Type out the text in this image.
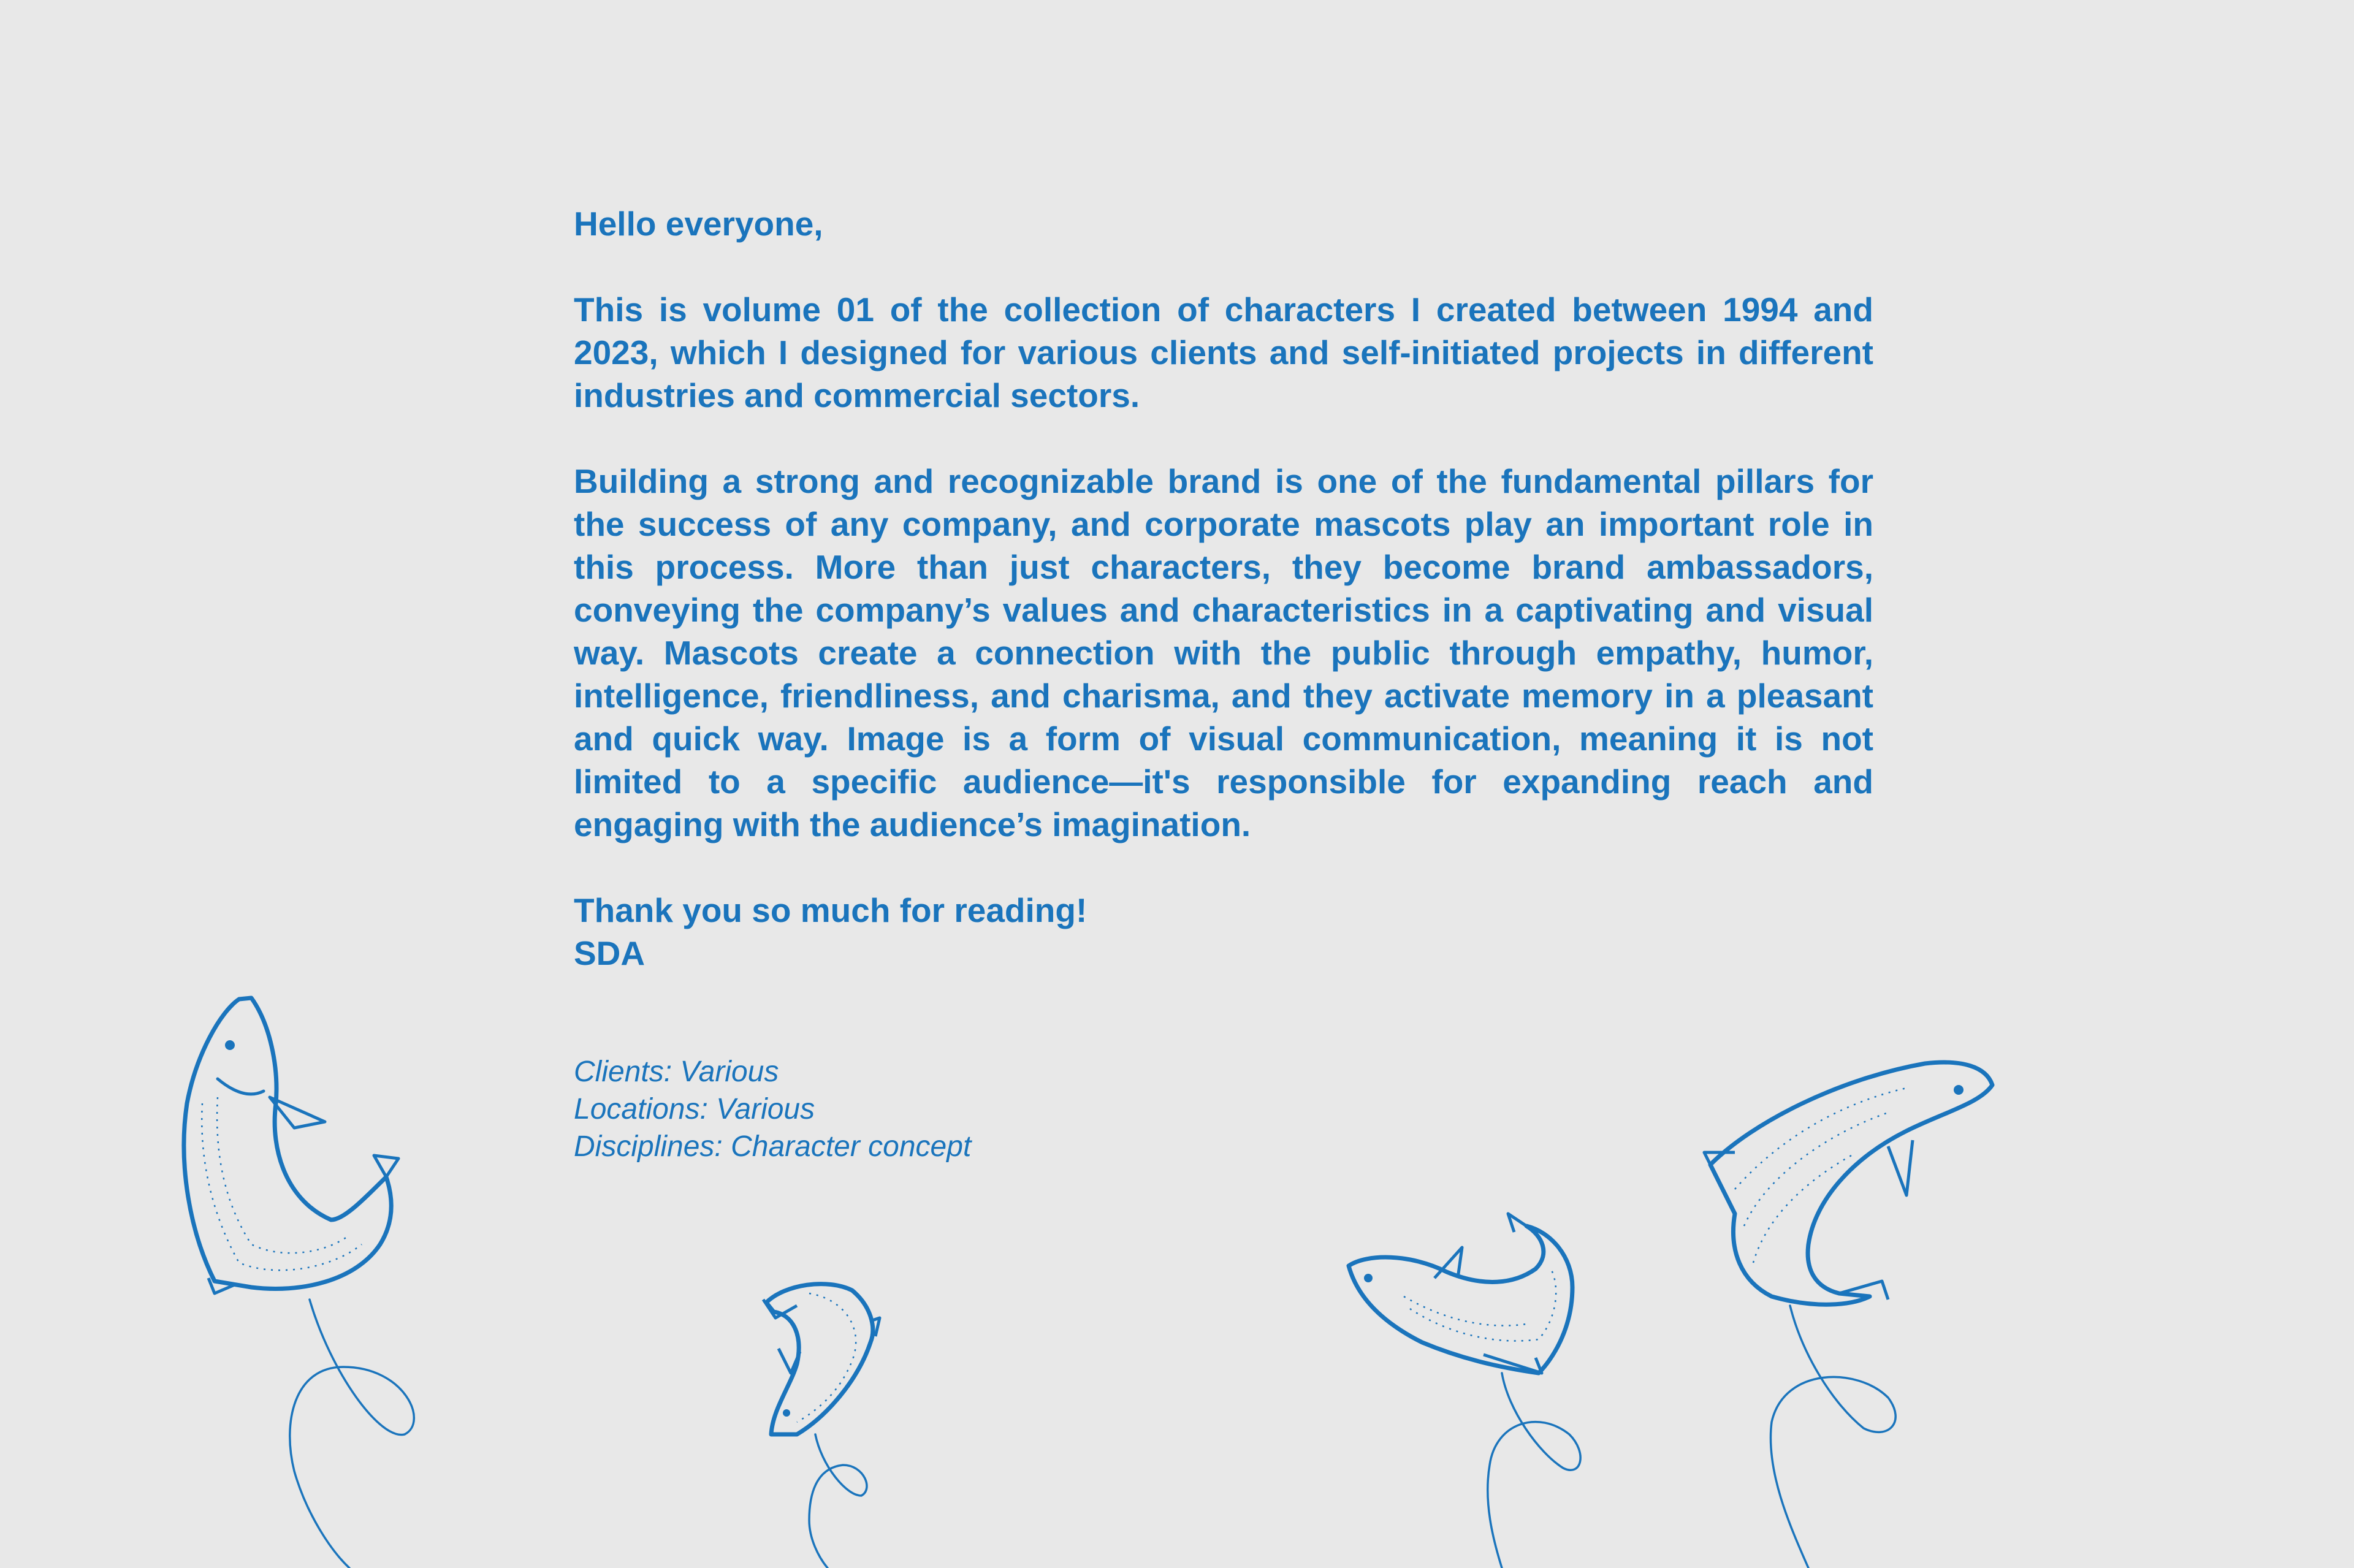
Hello everyone,

This is volume 01 of the collection of characters I created between 1994 and 2023, which I designed for various clients and self-initiated projects in different industries and commercial sectors.

Building a strong and recognizable brand is one of the fundamental pillars for the success of any company, and corporate mascots play an important role in this process. More than just characters, they become brand ambassadors, conveying the company’s values and characteristics in a captivating and visual way. Mascots create a connection with the public through empathy, humor, intelligence, friendliness, and charisma, and they activate memory in a pleasant and quick way. Image is a form of visual communication, meaning it is not limited to a specific audience—it's responsible for expanding reach and engaging with the audience’s imagination.

Thank you so much for reading!

SDA

Clients: Various
Locations: Various
Disciplines: Character concept
